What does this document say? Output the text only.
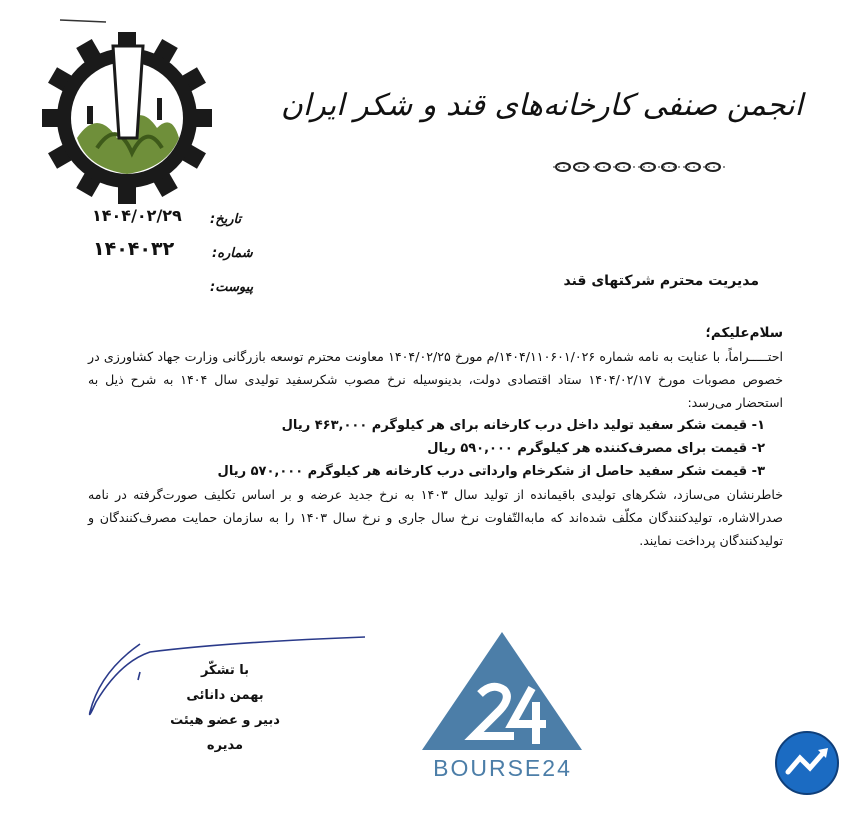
انجمن صنفی کارخانه‌های قند و شکر ایران
تاریخ:
۱۴۰۴/۰۲/۲۹
شماره:
۱۴۰۴۰۳۲
پیوست:	مدیریت محترم شرکتهای قند
سلام‌علیکم؛
احتـــــراماً، با عنایت به نامه شماره ۱۴۰۴/۱۱۰۶۰۱/۰۲۶/م مورخ ۱۴۰۴/۰۲/۲۵ معاونت محترم توسعه بازرگانی وزارت جهاد کشاورزی در خصوص مصوبات مورخ ۱۴۰۴/۰۲/۱۷ ستاد اقتصادی دولت، بدینوسیله نرخ مصوب شکرسفید تولیدی سال ۱۴۰۴ به شرح ذیل به استحضار می‌رسد:
۱- قیمت شکر سفید تولید داخل درب کارخانه برای هر کیلوگرم ۴۶۳,۰۰۰ ریال
۲- قیمت برای مصرف‌کننده هر کیلوگرم ۵۹۰,۰۰۰ ریال
۳- قیمت شکر سفید حاصل از شکرخام وارداتی درب کارخانه هر کیلوگرم ۵۷۰,۰۰۰ ریال
خاطرنشان می‌سازد، شکرهای تولیدی باقیمانده از تولید سال ۱۴۰۳ به نرخ جدید عرضه و بر اساس تکلیف صورت‌گرفته در نامه صدرالاشاره، تولیدکنندگان مکلّف شده‌اند که مابه‌التّفاوت نرخ سال جاری و نرخ سال ۱۴۰۳ را به سازمان حمایت مصرف‌کنندگان و تولیدکنندگان پرداخت نمایند.
با تشکّر
بهمن دانائی
دبیر و عضو هیئت مدیره
BOURSE24
